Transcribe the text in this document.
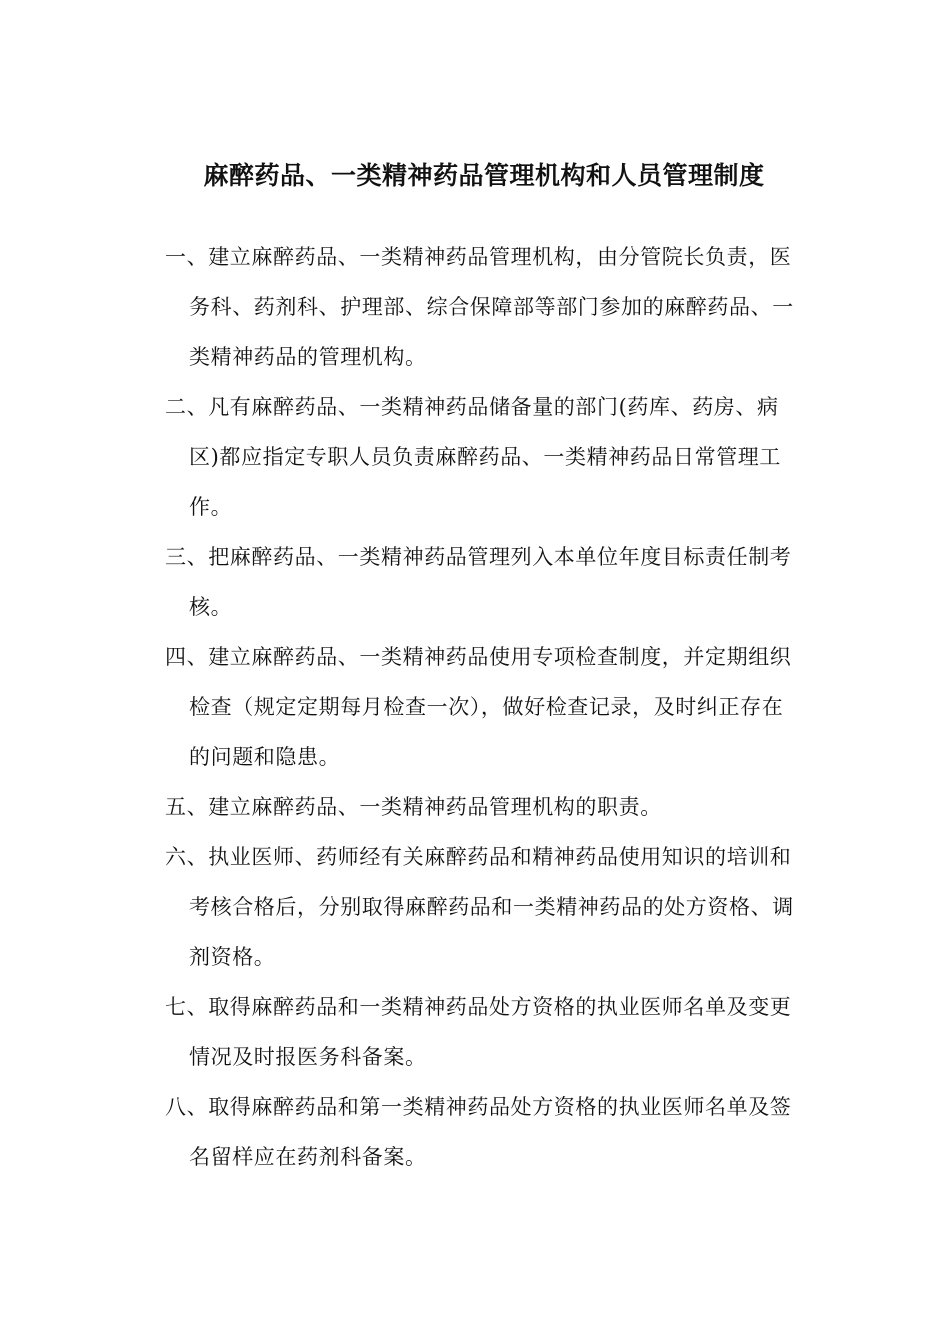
麻醉药品、一类精神药品管理机构和人员管理制度
一、建立麻醉药品、一类精神药品管理机构，由分管院长负责，医
务科、药剂科、护理部、综合保障部等部门参加的麻醉药品、一
类精神药品的管理机构。
二、凡有麻醉药品、一类精神药品储备量的部门(药库、药房、病
区)都应指定专职人员负责麻醉药品、一类精神药品日常管理工
作。
三、把麻醉药品、一类精神药品管理列入本单位年度目标责任制考
核。
四、建立麻醉药品、一类精神药品使用专项检查制度，并定期组织
检查（规定定期每月检查一次），做好检查记录，及时纠正存在
的问题和隐患。
五、建立麻醉药品、一类精神药品管理机构的职责。
六、执业医师、药师经有关麻醉药品和精神药品使用知识的培训和
考核合格后，分别取得麻醉药品和一类精神药品的处方资格、调
剂资格。
七、取得麻醉药品和一类精神药品处方资格的执业医师名单及变更
情况及时报医务科备案。
八、取得麻醉药品和第一类精神药品处方资格的执业医师名单及签
名留样应在药剂科备案。
